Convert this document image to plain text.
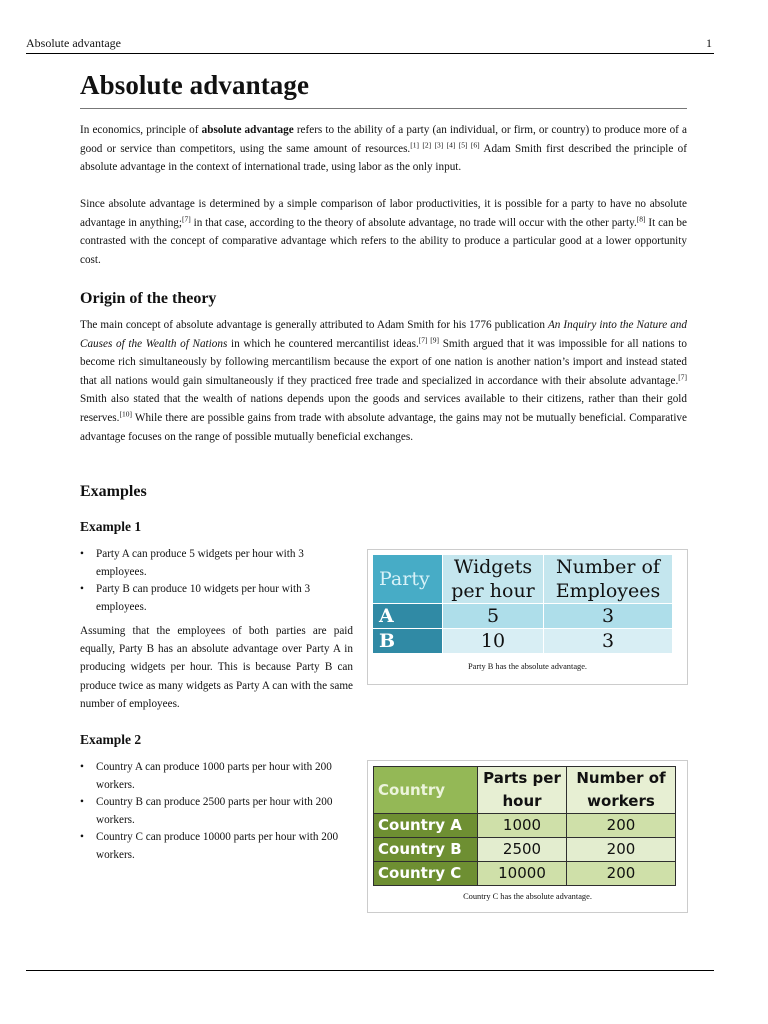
Absolute advantage	1
Absolute advantage

In economics, principle of absolute advantage refers to the ability of a party (an individual, or firm, or country) to produce more of a good or service than competitors, using the same amount of resources.[1] [2] [3] [4] [5] [6] Adam Smith first described the principle of absolute advantage in the context of international trade, using labor as the only input.

Since absolute advantage is determined by a simple comparison of labor productivities, it is possible for a party to have no absolute advantage in anything;[7] in that case, according to the theory of absolute advantage, no trade will occur with the other party.[8] It can be contrasted with the concept of comparative advantage which refers to the ability to produce a particular good at a lower opportunity cost.

Origin of the theory

The main concept of absolute advantage is generally attributed to Adam Smith for his 1776 publication An Inquiry into the Nature and Causes of the Wealth of Nations in which he countered mercantilist ideas.[7] [9] Smith argued that it was impossible for all nations to become rich simultaneously by following mercantilism because the export of one nation is another nation’s import and instead stated that all nations would gain simultaneously if they practiced free trade and specialized in accordance with their absolute advantage.[7] Smith also stated that the wealth of nations depends upon the goods and services available to their citizens, rather than their gold reserves.[10] While there are possible gains from trade with absolute advantage, the gains may not be mutually beneficial. Comparative advantage focuses on the range of possible mutually beneficial exchanges.

Examples
Example 1
• Party A can produce 5 widgets per hour with 3 employees.
• Party B can produce 10 widgets per hour with 3 employees.

Assuming that the employees of both parties are paid equally, Party B has an absolute advantage over Party A in producing widgets per hour. This is because Party B can produce twice as many widgets as Party A can with the same number of employees.

Party	Widgets per hour	Number of Employees
A	5	3
B	10	3
Party B has the absolute advantage.
Example 2
• Country A can produce 1000 parts per hour with 200 workers.
• Country B can produce 2500 parts per hour with 200 workers.
• Country C can produce 10000 parts per hour with 200 workers.
Country	Parts per hour	Number of workers
Country A	1000	200
Country B	2500	200
Country C	10000	200
Country C has the absolute advantage.
